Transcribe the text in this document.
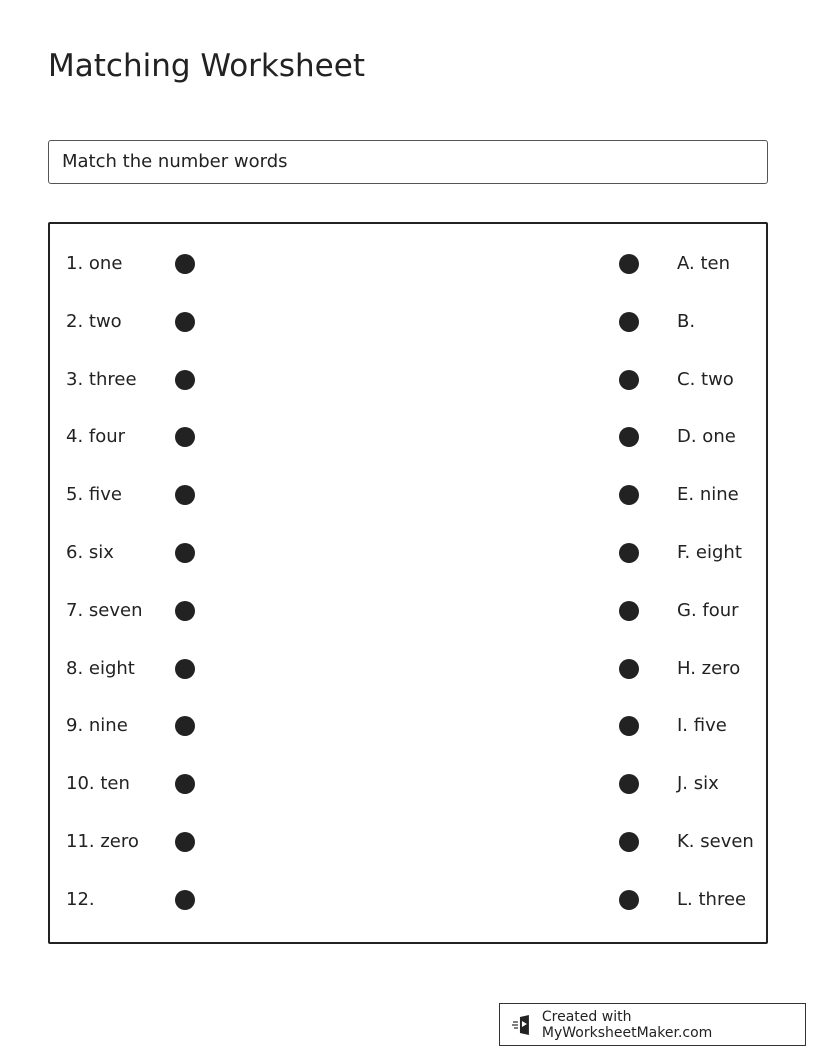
Matching Worksheet
Match the number words
1. one	A. ten
2. two	B.
3. three	C. two
4. four	D. one
5. five	E. nine
6. six	F. eight
7. seven	G. four
8. eight	H. zero
9. nine	I. five
10. ten	J. six
11. zero	K. seven
12.	L. three
Created with MyWorksheetMaker.com
